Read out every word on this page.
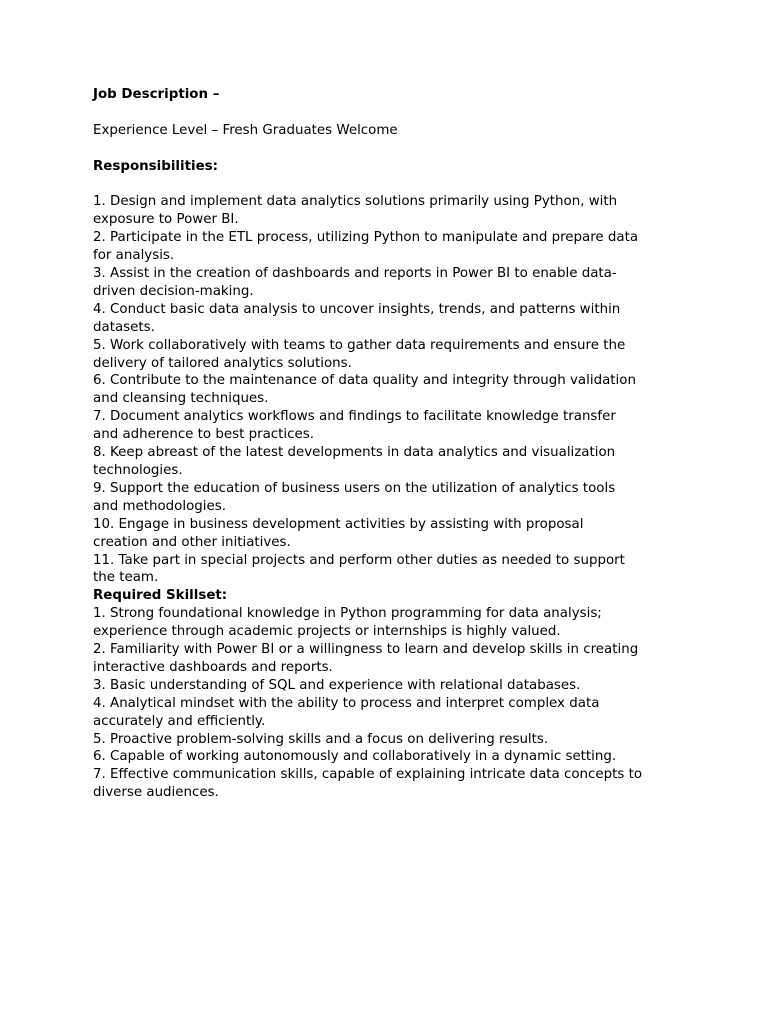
Job Description –
Experience Level – Fresh Graduates Welcome
Responsibilities:
1. Design and implement data analytics solutions primarily using Python, with
exposure to Power BI.
2. Participate in the ETL process, utilizing Python to manipulate and prepare data
for analysis.
3. Assist in the creation of dashboards and reports in Power BI to enable data-
driven decision-making.
4. Conduct basic data analysis to uncover insights, trends, and patterns within
datasets.
5. Work collaboratively with teams to gather data requirements and ensure the
delivery of tailored analytics solutions.
6. Contribute to the maintenance of data quality and integrity through validation
and cleansing techniques.
7. Document analytics workflows and findings to facilitate knowledge transfer
and adherence to best practices.
8. Keep abreast of the latest developments in data analytics and visualization
technologies.
9. Support the education of business users on the utilization of analytics tools
and methodologies.
10. Engage in business development activities by assisting with proposal
creation and other initiatives.
11. Take part in special projects and perform other duties as needed to support
the team.
Required Skillset:
1. Strong foundational knowledge in Python programming for data analysis;
experience through academic projects or internships is highly valued.
2. Familiarity with Power BI or a willingness to learn and develop skills in creating
interactive dashboards and reports.
3. Basic understanding of SQL and experience with relational databases.
4. Analytical mindset with the ability to process and interpret complex data
accurately and efficiently.
5. Proactive problem-solving skills and a focus on delivering results.
6. Capable of working autonomously and collaboratively in a dynamic setting.
7. Effective communication skills, capable of explaining intricate data concepts to
diverse audiences.
